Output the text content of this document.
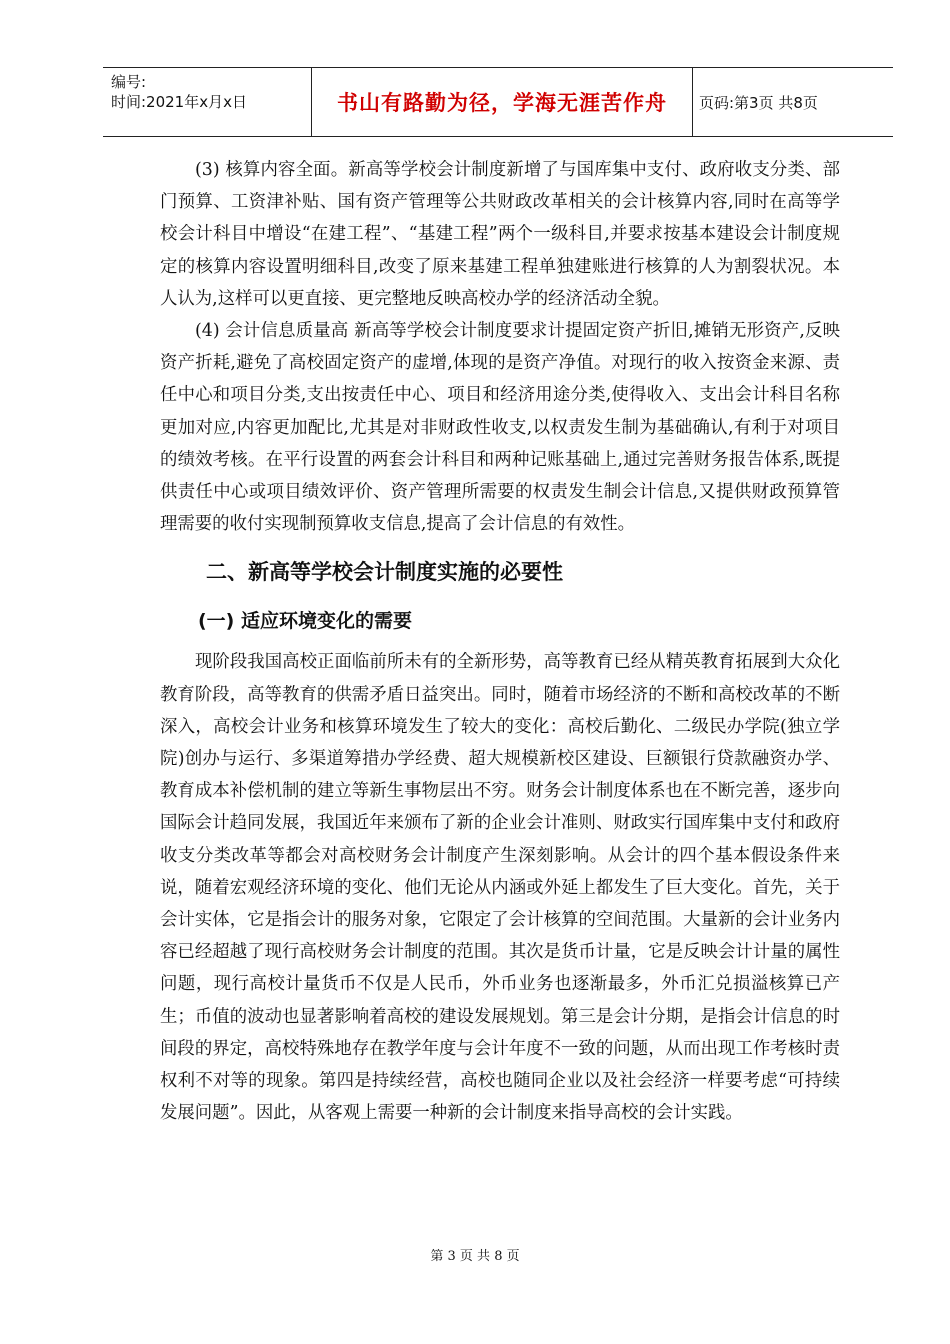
编号:
时间:2021年x月x日	书山有路勤为径，学海无涯苦作舟	页码:第3页 共8页

(3) 核算内容全面。新高等学校会计制度新增了与国库集中支付、政府收支分类、部门预算、工资津补贴、国有资产管理等公共财政改革相关的会计核算内容,同时在高等学校会计科目中增设“在建工程”、“基建工程”两个一级科目,并要求按基本建设会计制度规定的核算内容设置明细科目,改变了原来基建工程单独建账进行核算的人为割裂状况。本人认为,这样可以更直接、更完整地反映高校办学的经济活动全貌。

(4) 会计信息质量高 新高等学校会计制度要求计提固定资产折旧,摊销无形资产,反映资产折耗,避免了高校固定资产的虚增,体现的是资产净值。对现行的收入按资金来源、责任中心和项目分类,支出按责任中心、项目和经济用途分类,使得收入、支出会计科目名称更加对应,内容更加配比,尤其是对非财政性收支,以权责发生制为基础确认,有利于对项目的绩效考核。在平行设置的两套会计科目和两种记账基础上,通过完善财务报告体系,既提供责任中心或项目绩效评价、资产管理所需要的权责发生制会计信息,又提供财政预算管理需要的收付实现制预算收支信息,提高了会计信息的有效性。

二、新高等学校会计制度实施的必要性
(一) 适应环境变化的需要

现阶段我国高校正面临前所未有的全新形势，高等教育已经从精英教育拓展到大众化教育阶段，高等教育的供需矛盾日益突出。同时，随着市场经济的不断和高校改革的不断深入，高校会计业务和核算环境发生了较大的变化：高校后勤化、二级民办学院(独立学院)创办与运行、多渠道筹措办学经费、超大规模新校区建设、巨额银行贷款融资办学、教育成本补偿机制的建立等新生事物层出不穷。财务会计制度体系也在不断完善，逐步向国际会计趋同发展，我国近年来颁布了新的企业会计准则、财政实行国库集中支付和政府收支分类改革等都会对高校财务会计制度产生深刻影响。从会计的四个基本假设条件来说，随着宏观经济环境的变化、他们无论从内涵或外延上都发生了巨大变化。首先，关于会计实体，它是指会计的服务对象，它限定了会计核算的空间范围。大量新的会计业务内容已经超越了现行高校财务会计制度的范围。其次是货币计量，它是反映会计计量的属性问题，现行高校计量货币不仅是人民币，外币业务也逐渐最多，外币汇兑损溢核算已产生；币值的波动也显著影响着高校的建设发展规划。第三是会计分期，是指会计信息的时间段的界定，高校特殊地存在教学年度与会计年度不一致的问题，从而出现工作考核时责权利不对等的现象。第四是持续经营，高校也随同企业以及社会经济一样要考虑“可持续发展问题”。因此，从客观上需要一种新的会计制度来指导高校的会计实践。

第 3 页 共 8 页
